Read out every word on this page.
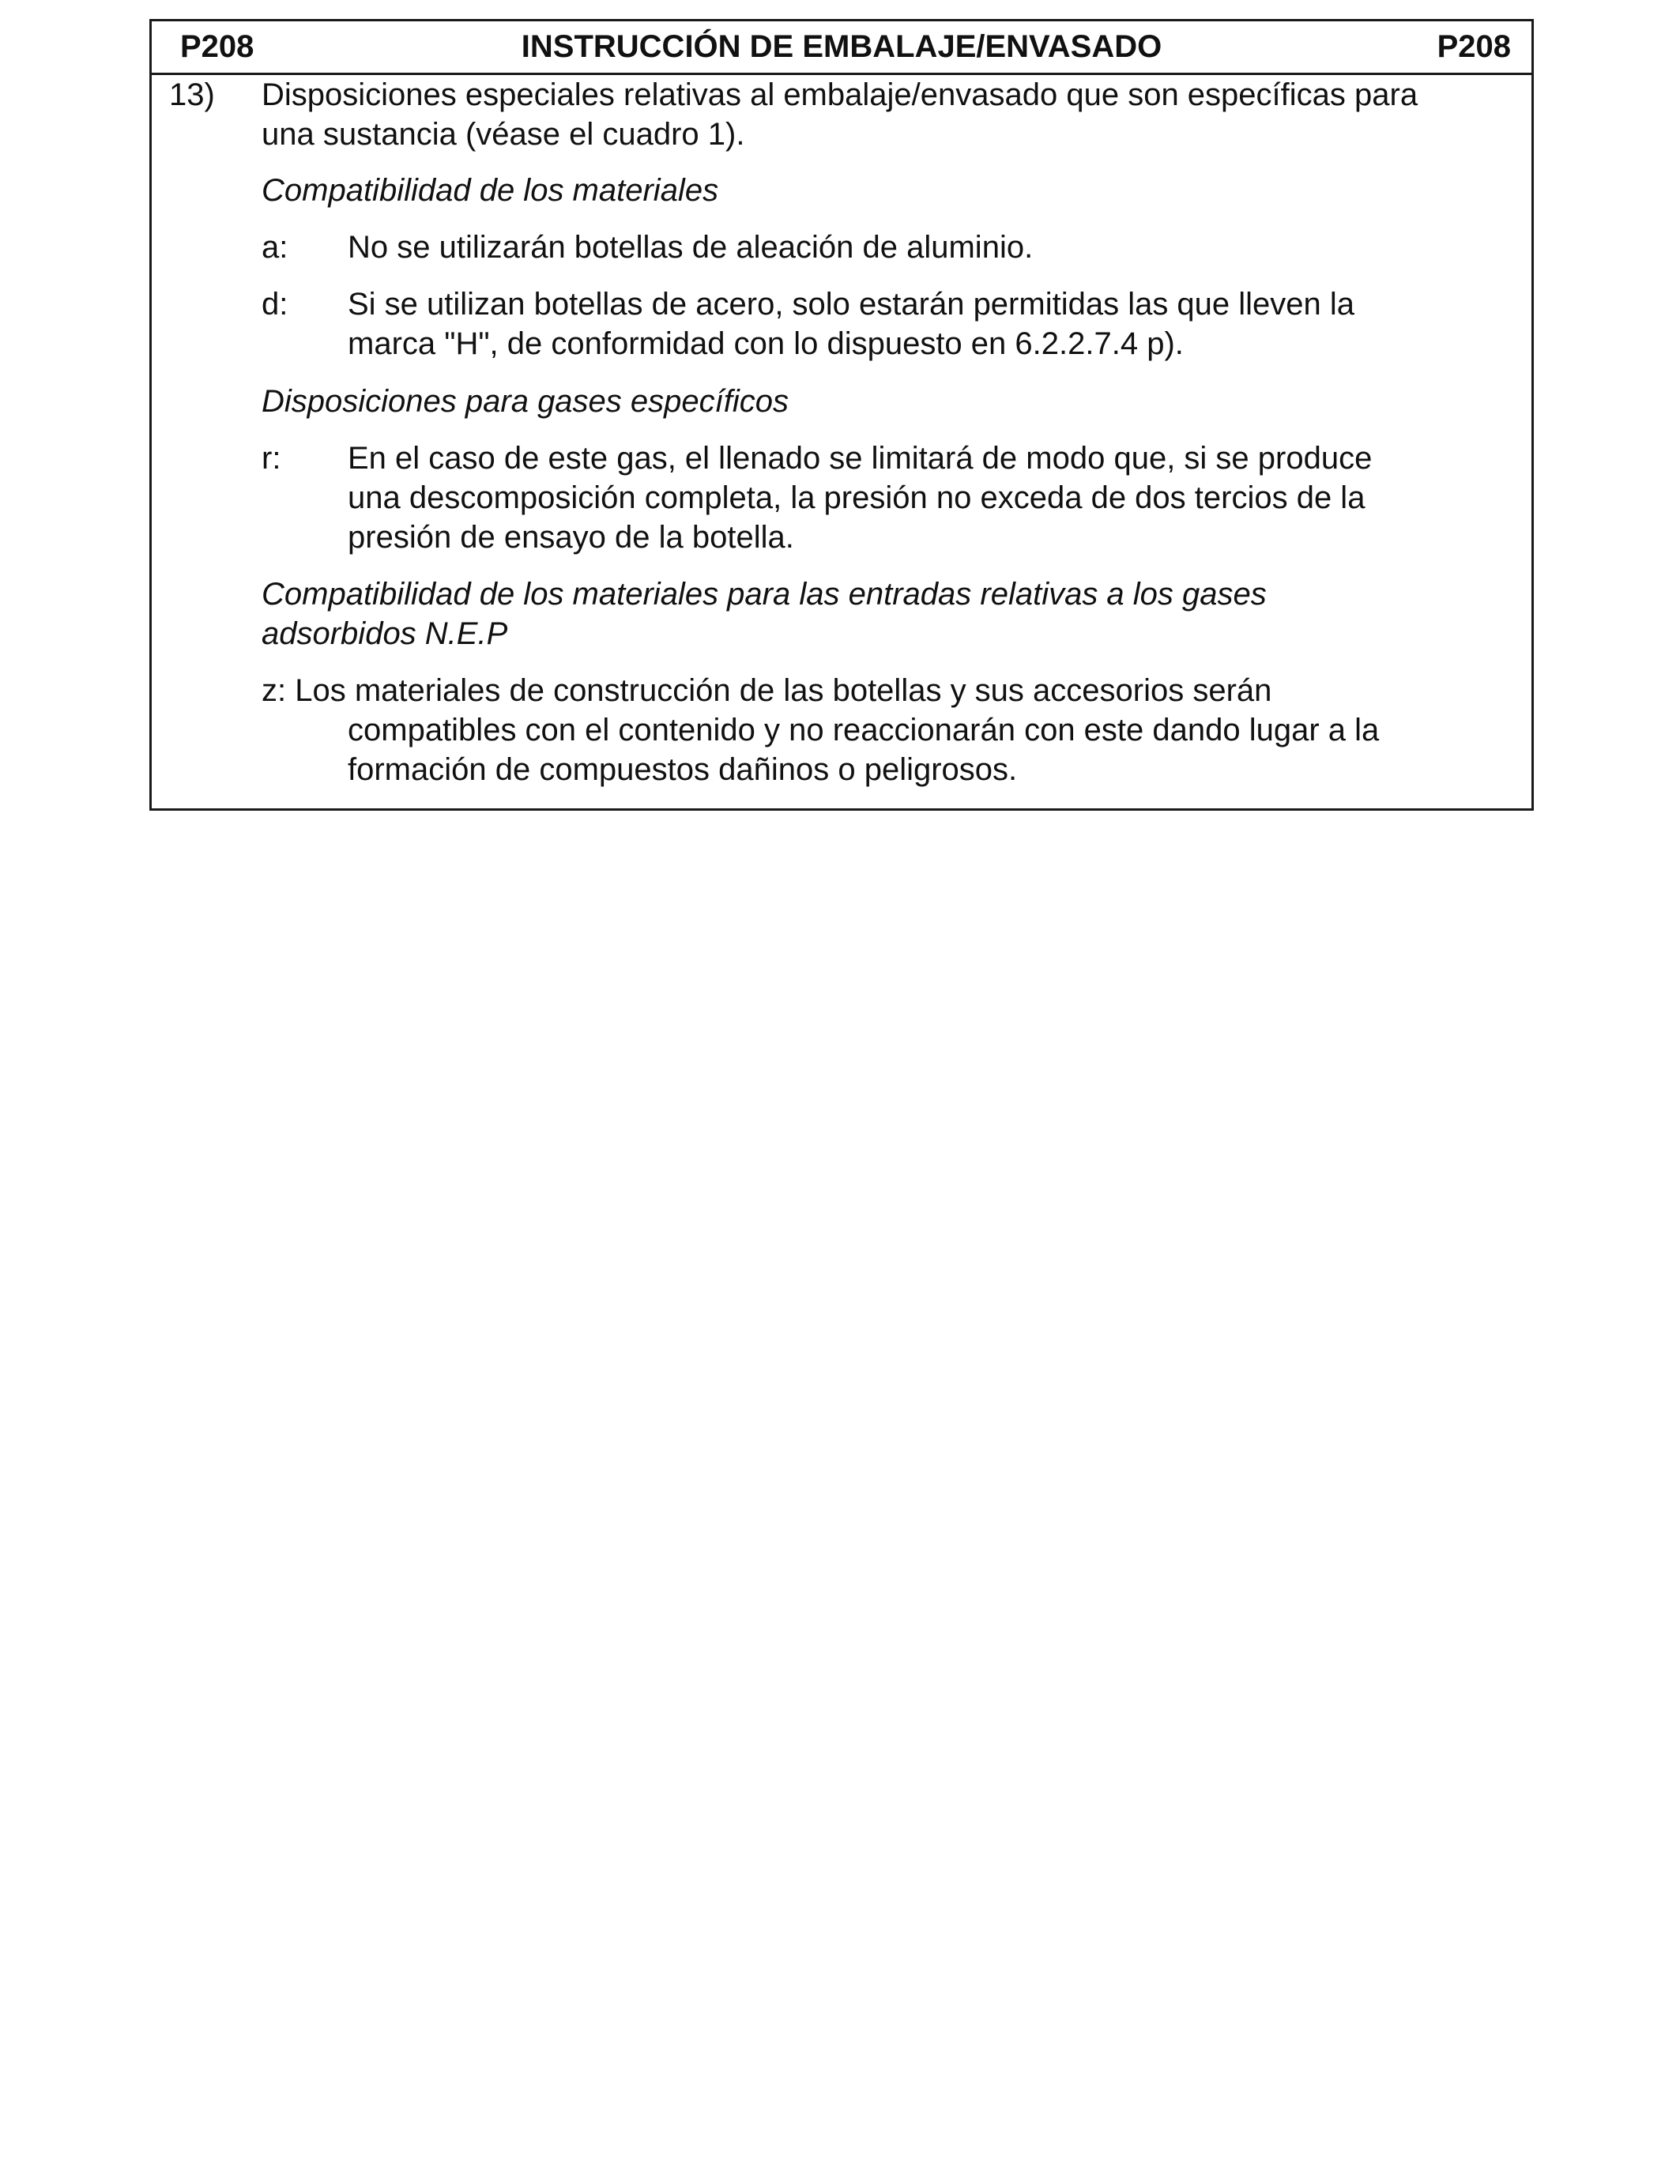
P208	INSTRUCCIÓN DE EMBALAJE/ENVASADO	P208
13) Disposiciones especiales relativas al embalaje/envasado que son específicas para
una sustancia (véase el cuadro 1).
Compatibilidad de los materiales
a: No se utilizarán botellas de aleación de aluminio.
d: Si se utilizan botellas de acero, solo estarán permitidas las que lleven la
marca "H", de conformidad con lo dispuesto en 6.2.2.7.4 p).
Disposiciones para gases específicos
r: En el caso de este gas, el llenado se limitará de modo que, si se produce
una descomposición completa, la presión no exceda de dos tercios de la
presión de ensayo de la botella.
Compatibilidad de los materiales para las entradas relativas a los gases
adsorbidos N.E.P
z: Los materiales de construcción de las botellas y sus accesorios serán
compatibles con el contenido y no reaccionarán con este dando lugar a la
formación de compuestos dañinos o peligrosos.
